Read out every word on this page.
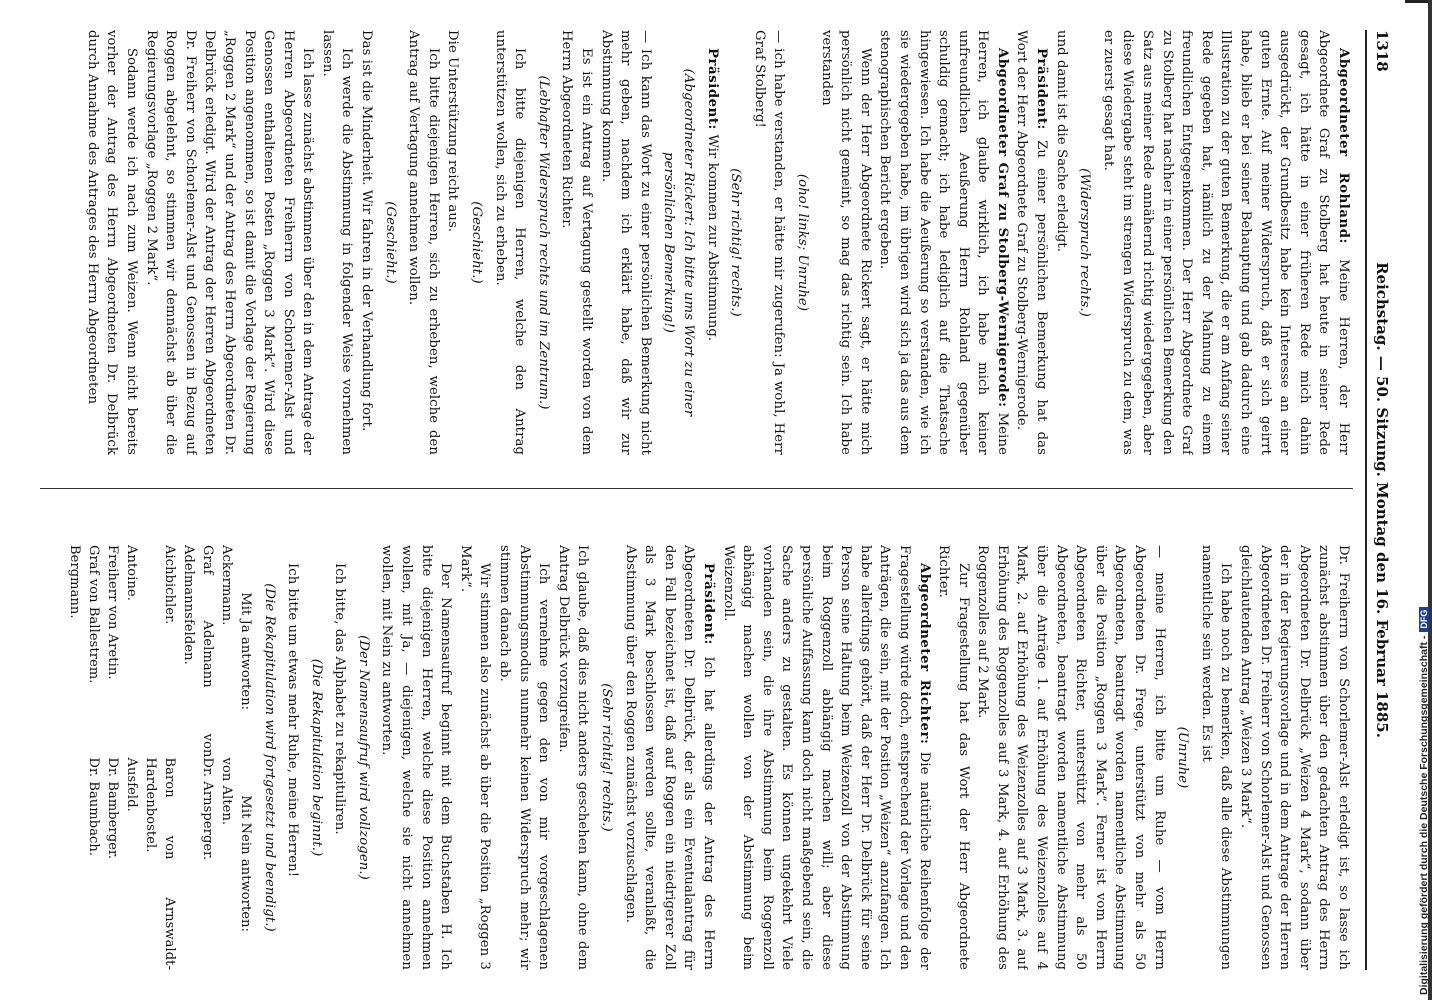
1318
Reichstag. — 50. Sitzung. Montag den 16. Februar 1885.

Abgeordneter Rohland: Meine Herren, der Herr Abgeordnete Graf zu Stolberg hat heute in seiner Rede gesagt, ich hätte in einer früheren Rede mich dahin ausgedrückt, der Grundbesitz habe kein Interesse an einer guten Ernte. Auf meiner Widerspruch, daß er sich geirrt habe, blieb er bei seiner Behauptung und gab dadurch eine Illustration zu der guten Bemerkung, die er am Anfang seiner Rede gegeben hat, nämlich zu der Mahnung zu einem freundlichen Entgegenkommen. Der Herr Abgeordnete Graf zu Stolberg hat nachher in einer persönlichen Bemerkung den Satz aus meiner Rede annähernd richtig wiedergegeben, aber diese Wiedergabe steht im strengen Widerspruch zu dem, was er zuerst gesagt hat.

(Widerspruch rechts.)

und damit ist die Sache erledigt.

Präsident: Zu einer persönlichen Bemerkung hat das Wort der Herr Abgeordnete Graf zu Stolberg-Wernigerode.

Abgeordneter Graf zu Stolberg-Wernigerode: Meine Herren, ich glaube wirklich, ich habe mich keiner unfreundlichen Aeußerung Herrn Rohland gegenüber schuldig gemacht; ich habe lediglich auf die Thatsache hingewiesen. Ich habe die Aeußerung so verstanden, wie ich sie wiedergegeben habe, im übrigen wird sich ja das aus dem stenographischen Bericht ergeben.

Wenn der Herr Abgeordnete Rickert sagt, er hätte mich persönlich nicht gemeint, so mag das richtig sein. Ich habe verstanden

(oho! links; Unruhe)

— ich habe verstanden, er hätte mir zugerufen: Ja wohl, Herr Graf Stolberg!

(Sehr richtig! rechts.)

Präsident: Wir kommen zur Abstimmung.

(Abgeordneter Rickert: Ich bitte ums Wort zu einer persönlichen Bemerkung!)

— Ich kann das Wort zu einer persönlichen Bemerkung nicht mehr geben, nachdem ich erklärt habe, daß wir zur Abstimmung kommen.

Es ist ein Antrag auf Vertagung gestellt worden von dem Herrn Abgeordneten Richter.

(Lebhafter Widerspruch rechts und im Zentrum.)

Ich bitte diejenigen Herren, welche den Antrag unterstützen wollen, sich zu erheben.

(Geschieht.)

Die Unterstützung reicht aus.

Ich bitte diejenigen Herren, sich zu erheben, welche den Antrag auf Vertagung annehmen wollen.

(Geschieht.)

Das ist die Minderheit. Wir fahren in der Verhandlung fort.

Ich werde die Abstimmung in folgender Weise vornehmen lassen.

Ich lasse zunächst abstimmen über den in dem Antrage der Herren Abgeordneten Freiherrn von Schorlemer-Alst und Genossen enthaltenen Posten „Roggen 3 Mark“. Wird diese Position angenommen, so ist damit die Vorlage der Regierung „Roggen 2 Mark“ und der Antrag des Herrn Abgeordneten Dr. Delbrück erledigt. Wird der Antrag der Herren Abgeordneten Dr. Freiherr von Schorlemer-Alst und Genossen in Bezug auf Roggen abgelehnt, so stimmen wir demnächst ab über die Regierungsvorlage „Roggen 2 Mark“.

Sodann werde ich nach zum Weizen. Wenn nicht bereits vorher der Antrag des Herrn Abgeordneten Dr. Delbrück durch Annahme des Antrages des Herrn Abgeordneten

Dr. Freiherrn von Schorlemer-Alst erledigt ist, so lasse ich zunächst abstimmen über den gedachten Antrag des Herrn Abgeordneten Dr. Delbrück „Weizen 4 Mark“, sodann über der in der Regierungsvorlage und in dem Antrage der Herren Abgeordneten Dr. Freiherr von Schorlemer-Alst und Genossen gleichlautenden Antrag „Weizen 3 Mark“.

Ich habe noch zu bemerken, daß alle diese Abstimmungen namentliche sein werden. Es ist

(Unruhe)

— meine Herren, ich bitte um Ruhe — vom Herrn Abgeordneten Dr. Frege, unterstützt von mehr als 50 Abgeordneten, beantragt worden namentliche Abstimmung über die Position „Roggen 3 Mark“. Ferner ist vom Herrn Abgeordneten Richter, unterstützt von mehr als 50 Abgeordneten, beantragt worden namentliche Abstimmung über die Anträge 1. auf Erhöhung des Weizenzolles auf 4 Mark, 2. auf Erhöhung des Weizenzolles auf 3 Mark, 3. auf Erhöhung des Roggenzolles auf 3 Mark, 4. auf Erhöhung des Roggenzolles auf 2 Mark.

Zur Fragestellung hat das Wort der Herr Abgeordnete Richter.

Abgeordneter Richter: Die natürliche Reihenfolge der Fragestellung würde doch, entsprechend der Vorlage und den Anträgen, die sein, mit der Position „Weizen“ anzufangen. Ich habe allerdings gehört, daß der Herr Dr. Delbrück für seine Person seine Haltung beim Weizenzoll von der Abstimmung beim Roggenzoll abhängig machen will; aber diese persönliche Auffassung kann doch nicht maßgebend sein, die Sache anders zu gestalten. Es können ungekehrt Viele vorhanden sein, die ihre Abstimmung beim Roggenzoll abhängig machen wollen von der Abstimmung beim Weizenzoll.

Präsident: Ich hat allerdings der Antrag des Herrn Abgeordneten Dr. Delbrück, der als ein Eventualantrag für den Fall bezeichnet ist, daß auf Roggen ein niedrigerer Zoll als 3 Mark beschlossen werden sollte, veranlaßt, die Abstimmung über den Roggen zunächst vorzuschlagen.

(Sehr richtig! rechts.)

Ich glaube, daß dies nicht anders geschehen kann, ohne dem Antrag Delbrück vorzugreifen.

Ich vernehme gegen den von mir vorgeschlagenen Abstimmungsmodus nunmehr keinen Widerspruch mehr; wir stimmen danach ab.

Wir stimmen also zunächst ab über die Position „Roggen 3 Mark“.

Der Namensaufruf beginnt mit dem Buchstaben H. Ich bitte diejenigen Herren, welche diese Position annehmen wollen, mit Ja, — diejenigen, welche sie nicht annehmen wollen, mit Nein zu antworten.

(Der Namensaufruf wird vollzogen.)

Ich bitte, das Alphabet zu rekapituliren.

(Die Rekapitulation beginnt.)

Ich bitte um etwas mehr Ruhe, meine Herren!

(Die Rekapitulation wird fortgesetzt und beendigt.)

Mit Ja antworten:
Mit Nein antworten:
Ackermann.
von Alten.
Graf Adelmann von Adelmannsfelden.
Dr. Arnsperger.
Aichbichler.
Baron von Arnswaldt-Hardenbostel.
Antoine.
Ausfeld.
Freiherr von Aretin.
Dr. Bamberger.
Graf von Ballestrem.
Dr. Baumbach.
Bergmann.
Digitalisierung gefördert durch die Deutsche Forschungsgemeinschaft -DFG
